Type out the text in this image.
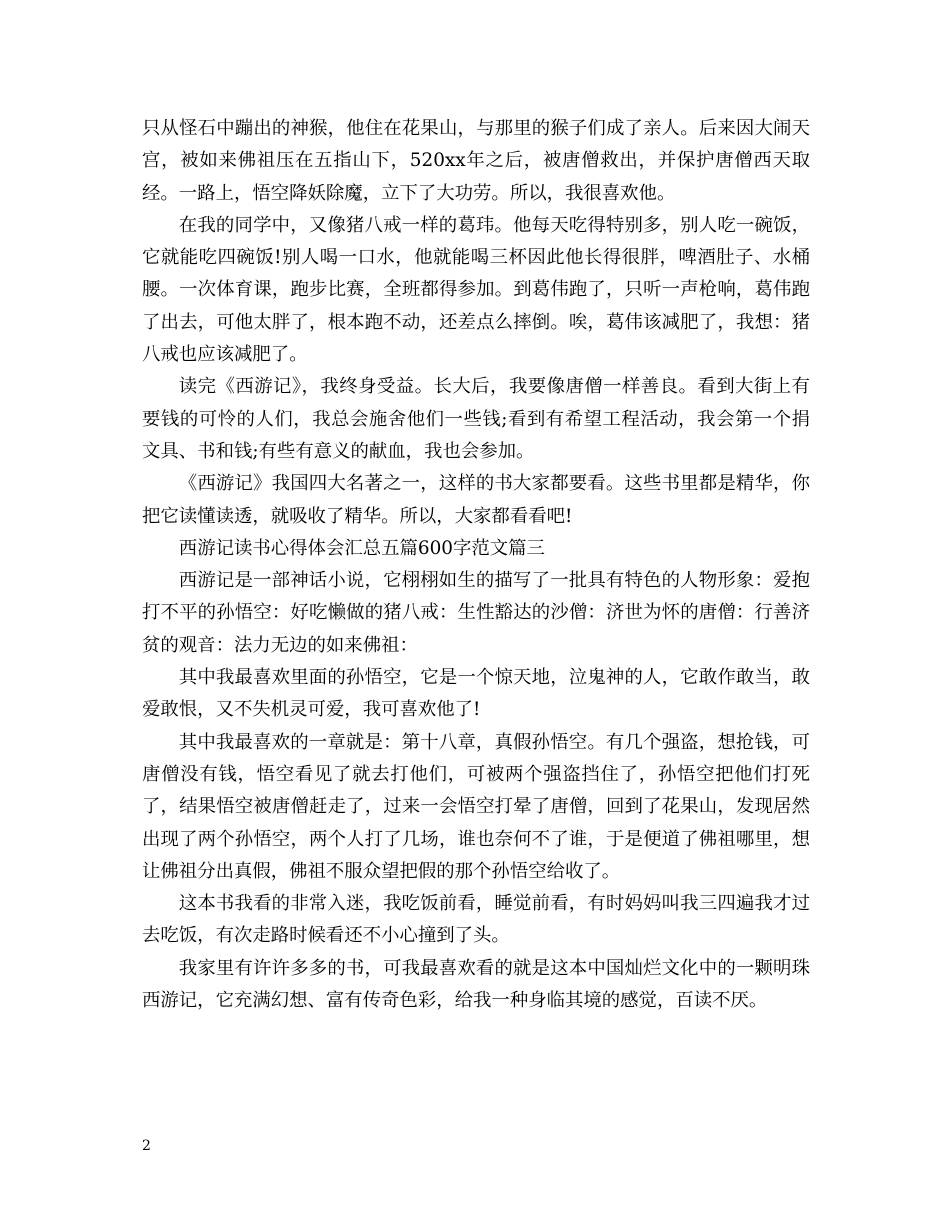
只从怪石中蹦出的神猴，他住在花果山，与那里的猴子们成了亲人。后来因大闹天宫，被如来佛祖压在五指山下，520xx年之后，被唐僧救出，并保护唐僧西天取经。一路上，悟空降妖除魔，立下了大功劳。所以，我很喜欢他。

在我的同学中，又像猪八戒一样的葛玮。他每天吃得特别多，别人吃一碗饭，它就能吃四碗饭!别人喝一口水，他就能喝三杯因此他长得很胖，啤酒肚子、水桶腰。一次体育课，跑步比赛，全班都得参加。到葛伟跑了，只听一声枪响，葛伟跑了出去，可他太胖了，根本跑不动，还差点么摔倒。唉，葛伟该减肥了，我想：猪八戒也应该减肥了。

读完《西游记》，我终身受益。长大后，我要像唐僧一样善良。看到大街上有要钱的可怜的人们，我总会施舍他们一些钱;看到有希望工程活动，我会第一个捐文具、书和钱;有些有意义的献血，我也会参加。

《西游记》我国四大名著之一，这样的书大家都要看。这些书里都是精华，你把它读懂读透，就吸收了精华。所以，大家都看看吧!

西游记读书心得体会汇总五篇600字范文篇三

西游记是一部神话小说，它栩栩如生的描写了一批具有特色的人物形象：爱抱打不平的孙悟空：好吃懒做的猪八戒：生性豁达的沙僧：济世为怀的唐僧：行善济贫的观音：法力无边的如来佛祖：

其中我最喜欢里面的孙悟空，它是一个惊天地，泣鬼神的人，它敢作敢当，敢爱敢恨，又不失机灵可爱，我可喜欢他了!

其中我最喜欢的一章就是：第十八章，真假孙悟空。有几个强盗，想抢钱，可唐僧没有钱，悟空看见了就去打他们，可被两个强盗挡住了，孙悟空把他们打死了，结果悟空被唐僧赶走了，过来一会悟空打晕了唐僧，回到了花果山，发现居然出现了两个孙悟空，两个人打了几场，谁也奈何不了谁，于是便道了佛祖哪里，想让佛祖分出真假，佛祖不服众望把假的那个孙悟空给收了。

这本书我看的非常入迷，我吃饭前看，睡觉前看，有时妈妈叫我三四遍我才过去吃饭，有次走路时候看还不小心撞到了头。

我家里有许许多多的书，可我最喜欢看的就是这本中国灿烂文化中的一颗明珠西游记，它充满幻想、富有传奇色彩，给我一种身临其境的感觉，百读不厌。

2
